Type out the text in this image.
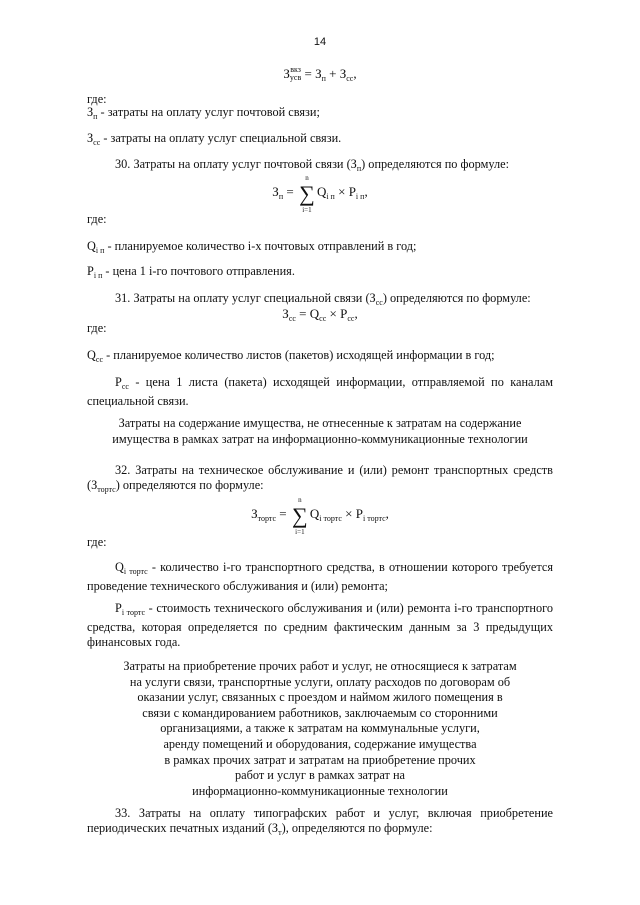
14
З вкз
усв = $З_п + З_{сс}$,
где:
$З_п$ - затраты на оплату услуг почтовой связи;
$З_{сс}$ - затраты на оплату услуг специальной связи.
30. Затраты на оплату услуг почтовой связи $(З_п)$ определяются по формуле:
$З_п$ =
n
∑
i=1
$Q_{i п} \times P_{i п}$,
где:
$Q_{i п}$ - планируемое количество i-х почтовых отправлений в год;
$P_{i п}$ - цена 1 i-го почтового отправления.
31. Затраты на оплату услуг специальной связи $(З_{сс})$ определяются по формуле:
$З_{сс} = Q_{сс} \times P_{сс}$,
где:
$Q_{сс}$ - планируемое количество листов (пакетов) исходящей информации в год;
$P_{сс}$ - цена 1 листа (пакета) исходящей информации, отправляемой по каналам специальной связи.
Затраты на содержание имущества, не отнесенные к затратам на содержание
имущества в рамках затрат на информационно-коммуникационные технологии
32. Затраты на техническое обслуживание и (или) ремонт транспортных средств $(З_{тортс})$ определяются по формуле:
$З_{тортс}$ =
n
∑
i=1
$Q_{i тортс} \times P_{i тортс}$,
где:
$Q_{i тортс}$ - количество i-го транспортного средства, в отношении которого требуется проведение технического обслуживания и (или) ремонта;
$P_{i тортс}$ - стоимость технического обслуживания и (или) ремонта i-го транспортного средства, которая определяется по средним фактическим данным за 3 предыдущих финансовых года.
Затраты на приобретение прочих работ и услуг, не относящиеся к затратам
на услуги связи, транспортные услуги, оплату расходов по договорам об
оказании услуг, связанных с проездом и наймом жилого помещения в
связи с командированием работников, заключаемым со сторонними
организациями, а также к затратам на коммунальные услуги,
аренду помещений и оборудования, содержание имущества
в рамках прочих затрат и затратам на приобретение прочих
работ и услуг в рамках затрат на
информационно-коммуникационные технологии
33. Затраты на оплату типографских работ и услуг, включая приобретение периодических печатных изданий $(З_т)$, определяются по формуле:
